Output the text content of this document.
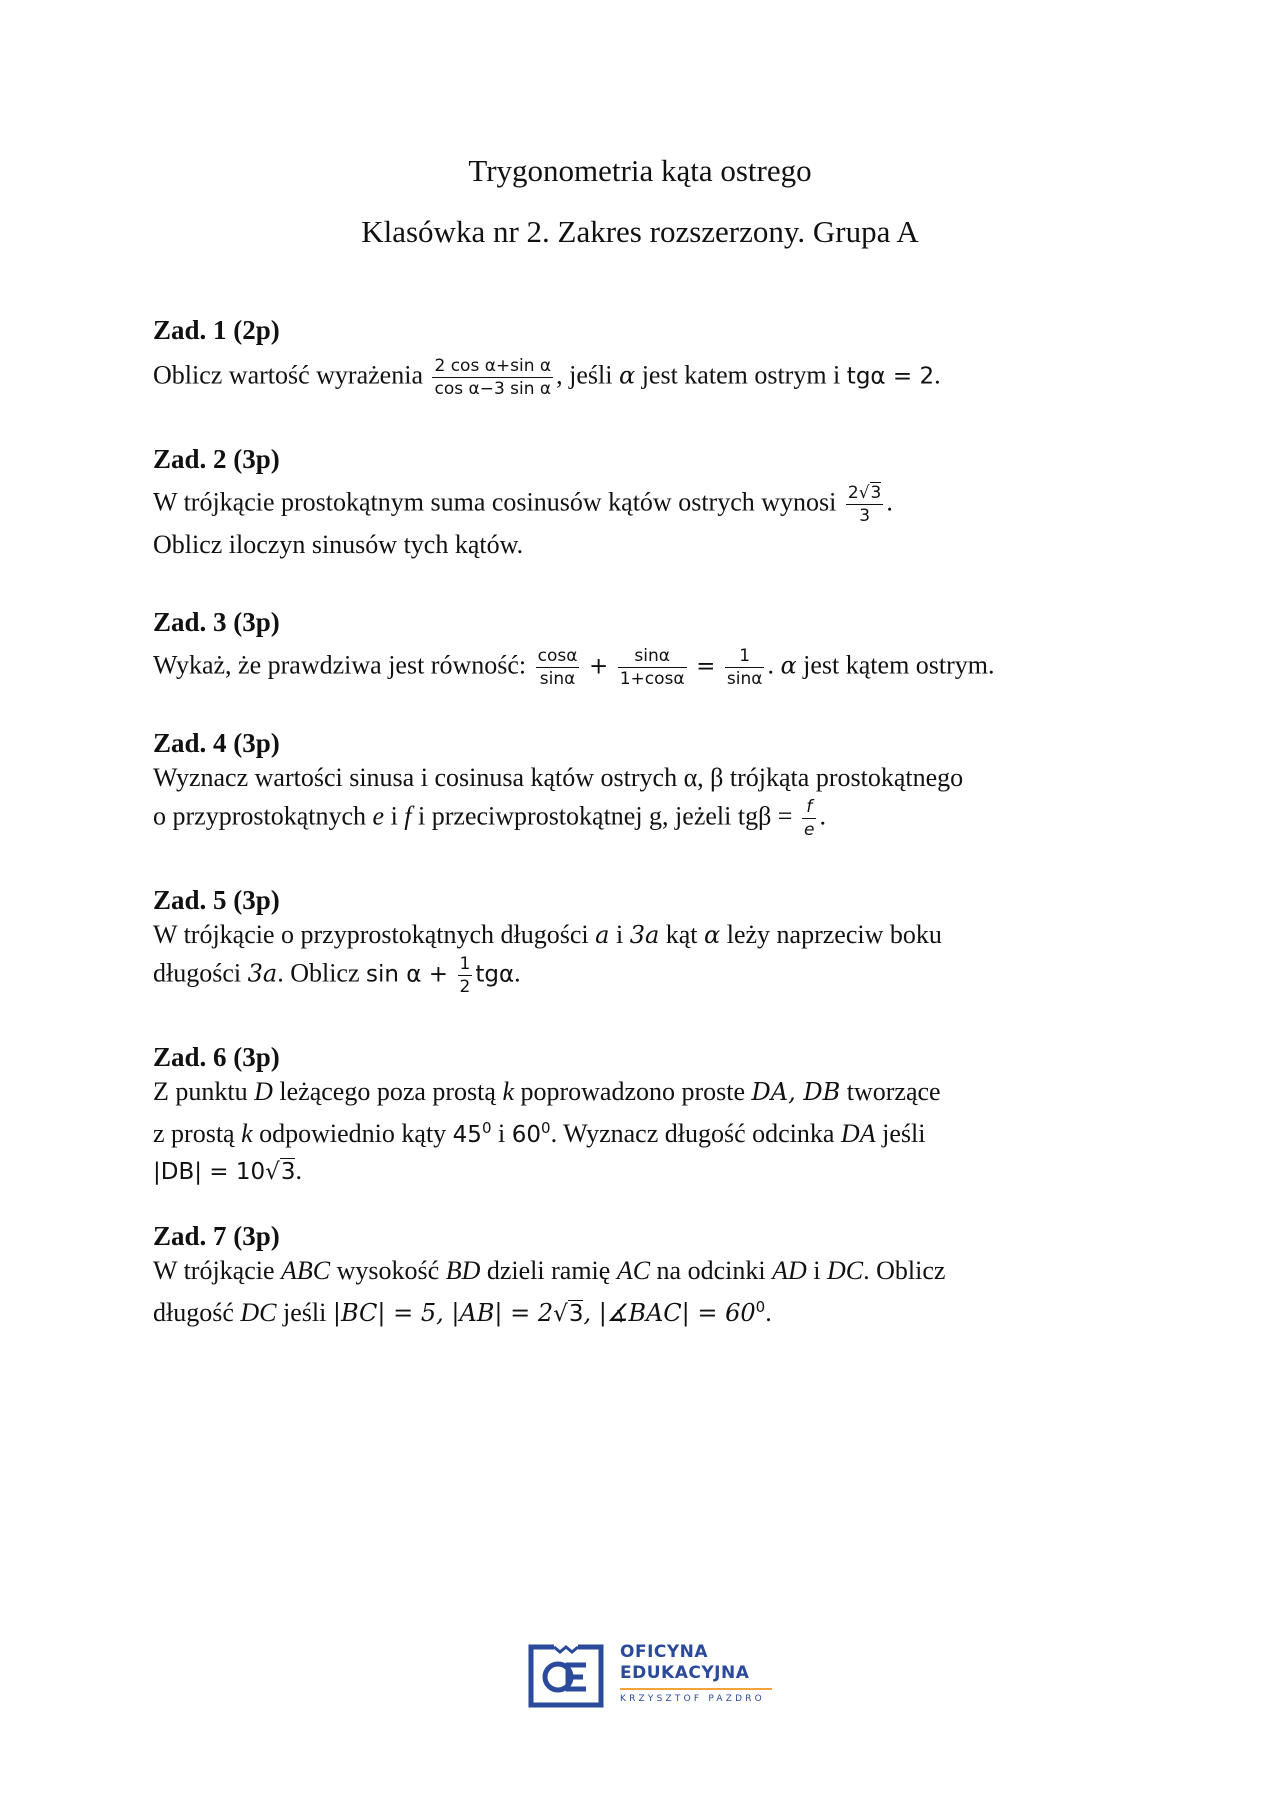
Trygonometria kąta ostrego
Klasówka nr 2. Zakres rozszerzony. Grupa A

Zad. 1 (2p)

Oblicz wartość wyrażenia $\frac{\text{2 cos α+sin α}}{\text{cos α−3 sin α}}$ , jeśli α jest katem ostrym i tgα = 2.

Zad. 2 (3p)

W trójkącie prostokątnym suma cosinusów kątów ostrych wynosi $\frac{2√3}{3}$ .
Oblicz iloczyn sinusów tych kątów.

Zad. 3 (3p)

Wykaż, że prawdziwa jest równość: $\frac{\cos\alpha}{\sin\alpha} + \frac{\sin\alpha}{1+\cos\alpha} = \frac{1}{\sin\alpha}$ . α jest kątem ostrym.

Zad. 4 (3p)

Wyznacz wartości sinusa i cosinusa kątów ostrych α, β trójkąta prostokątnego
o przyprostokątnych e i f i przeciwprostokątnej g, jeżeli $tg\beta = \frac{f}{e}$ .

Zad. 5 (3p)

W trójkącie o przyprostokątnych długości a i 3a kąt α leży naprzeciw boku
długości 3a. Oblicz $\sin \alpha + \frac{1}{2} tg\alpha$.

Zad. 6 (3p)

Z punktu D leżącego poza prostą k poprowadzono proste DA, DB tworzące
z prostą k odpowiednio kąty $45^0$ i $60^0$. Wyznacz długość odcinka DA jeśli
|DB| = 10√3.

Zad. 7 (3p)

W trójkącie ABC wysokość BD dzieli ramię AC na odcinki AD i DC. Oblicz
długość DC jeśli |BC| = 5, |AB| = 2√3, |∡BAC| = $60^0$.

OFICYNA
EDUKACYJNA
KRZYSZTOF PAZDRO
